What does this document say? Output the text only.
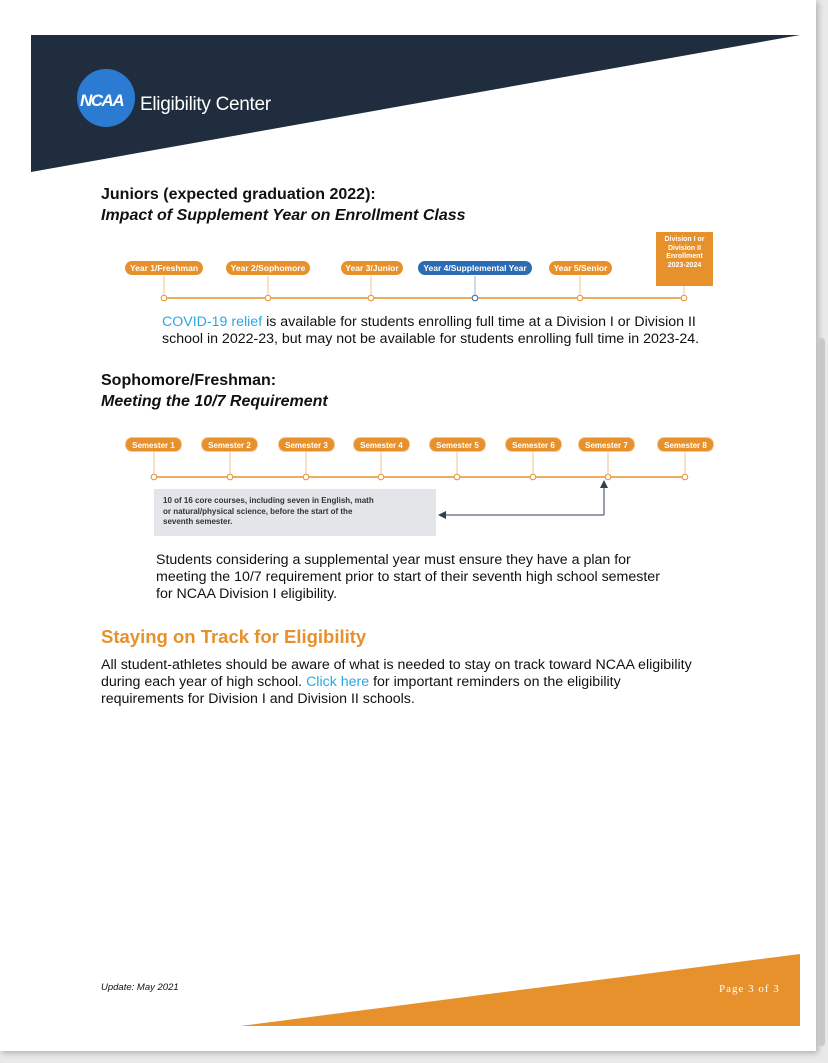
NCAA Eligibility Center
Juniors (expected graduation 2022):
Impact of Supplement Year on Enrollment Class
Year 1/Freshman	Year 2/Sophomore	Year 3/Junior	Year 4/Supplemental Year	Year 5/Senior
Division I or
Division II
Enrollment
2023-2024
COVID-19 relief is available for students enrolling full time at a Division I or Division II
school in 2022-23, but may not be available for students enrolling full time in 2023-24.
Sophomore/Freshman:
Meeting the 10/7 Requirement
Semester 1	Semester 2	Semester 3	Semester 4	Semester 5	Semester 6	Semester 7	Semester 8
10 of 16 core courses, including seven in English, math
or natural/physical science, before the start of the
seventh semester.
Students considering a supplemental year must ensure they have a plan for
meeting the 10/7 requirement prior to start of their seventh high school semester
for NCAA Division I eligibility.
Staying on Track for Eligibility
All student-athletes should be aware of what is needed to stay on track toward NCAA eligibility
during each year of high school. Click here for important reminders on the eligibility
requirements for Division I and Division II schools.
Update: May 2021	Page 3 of 3
